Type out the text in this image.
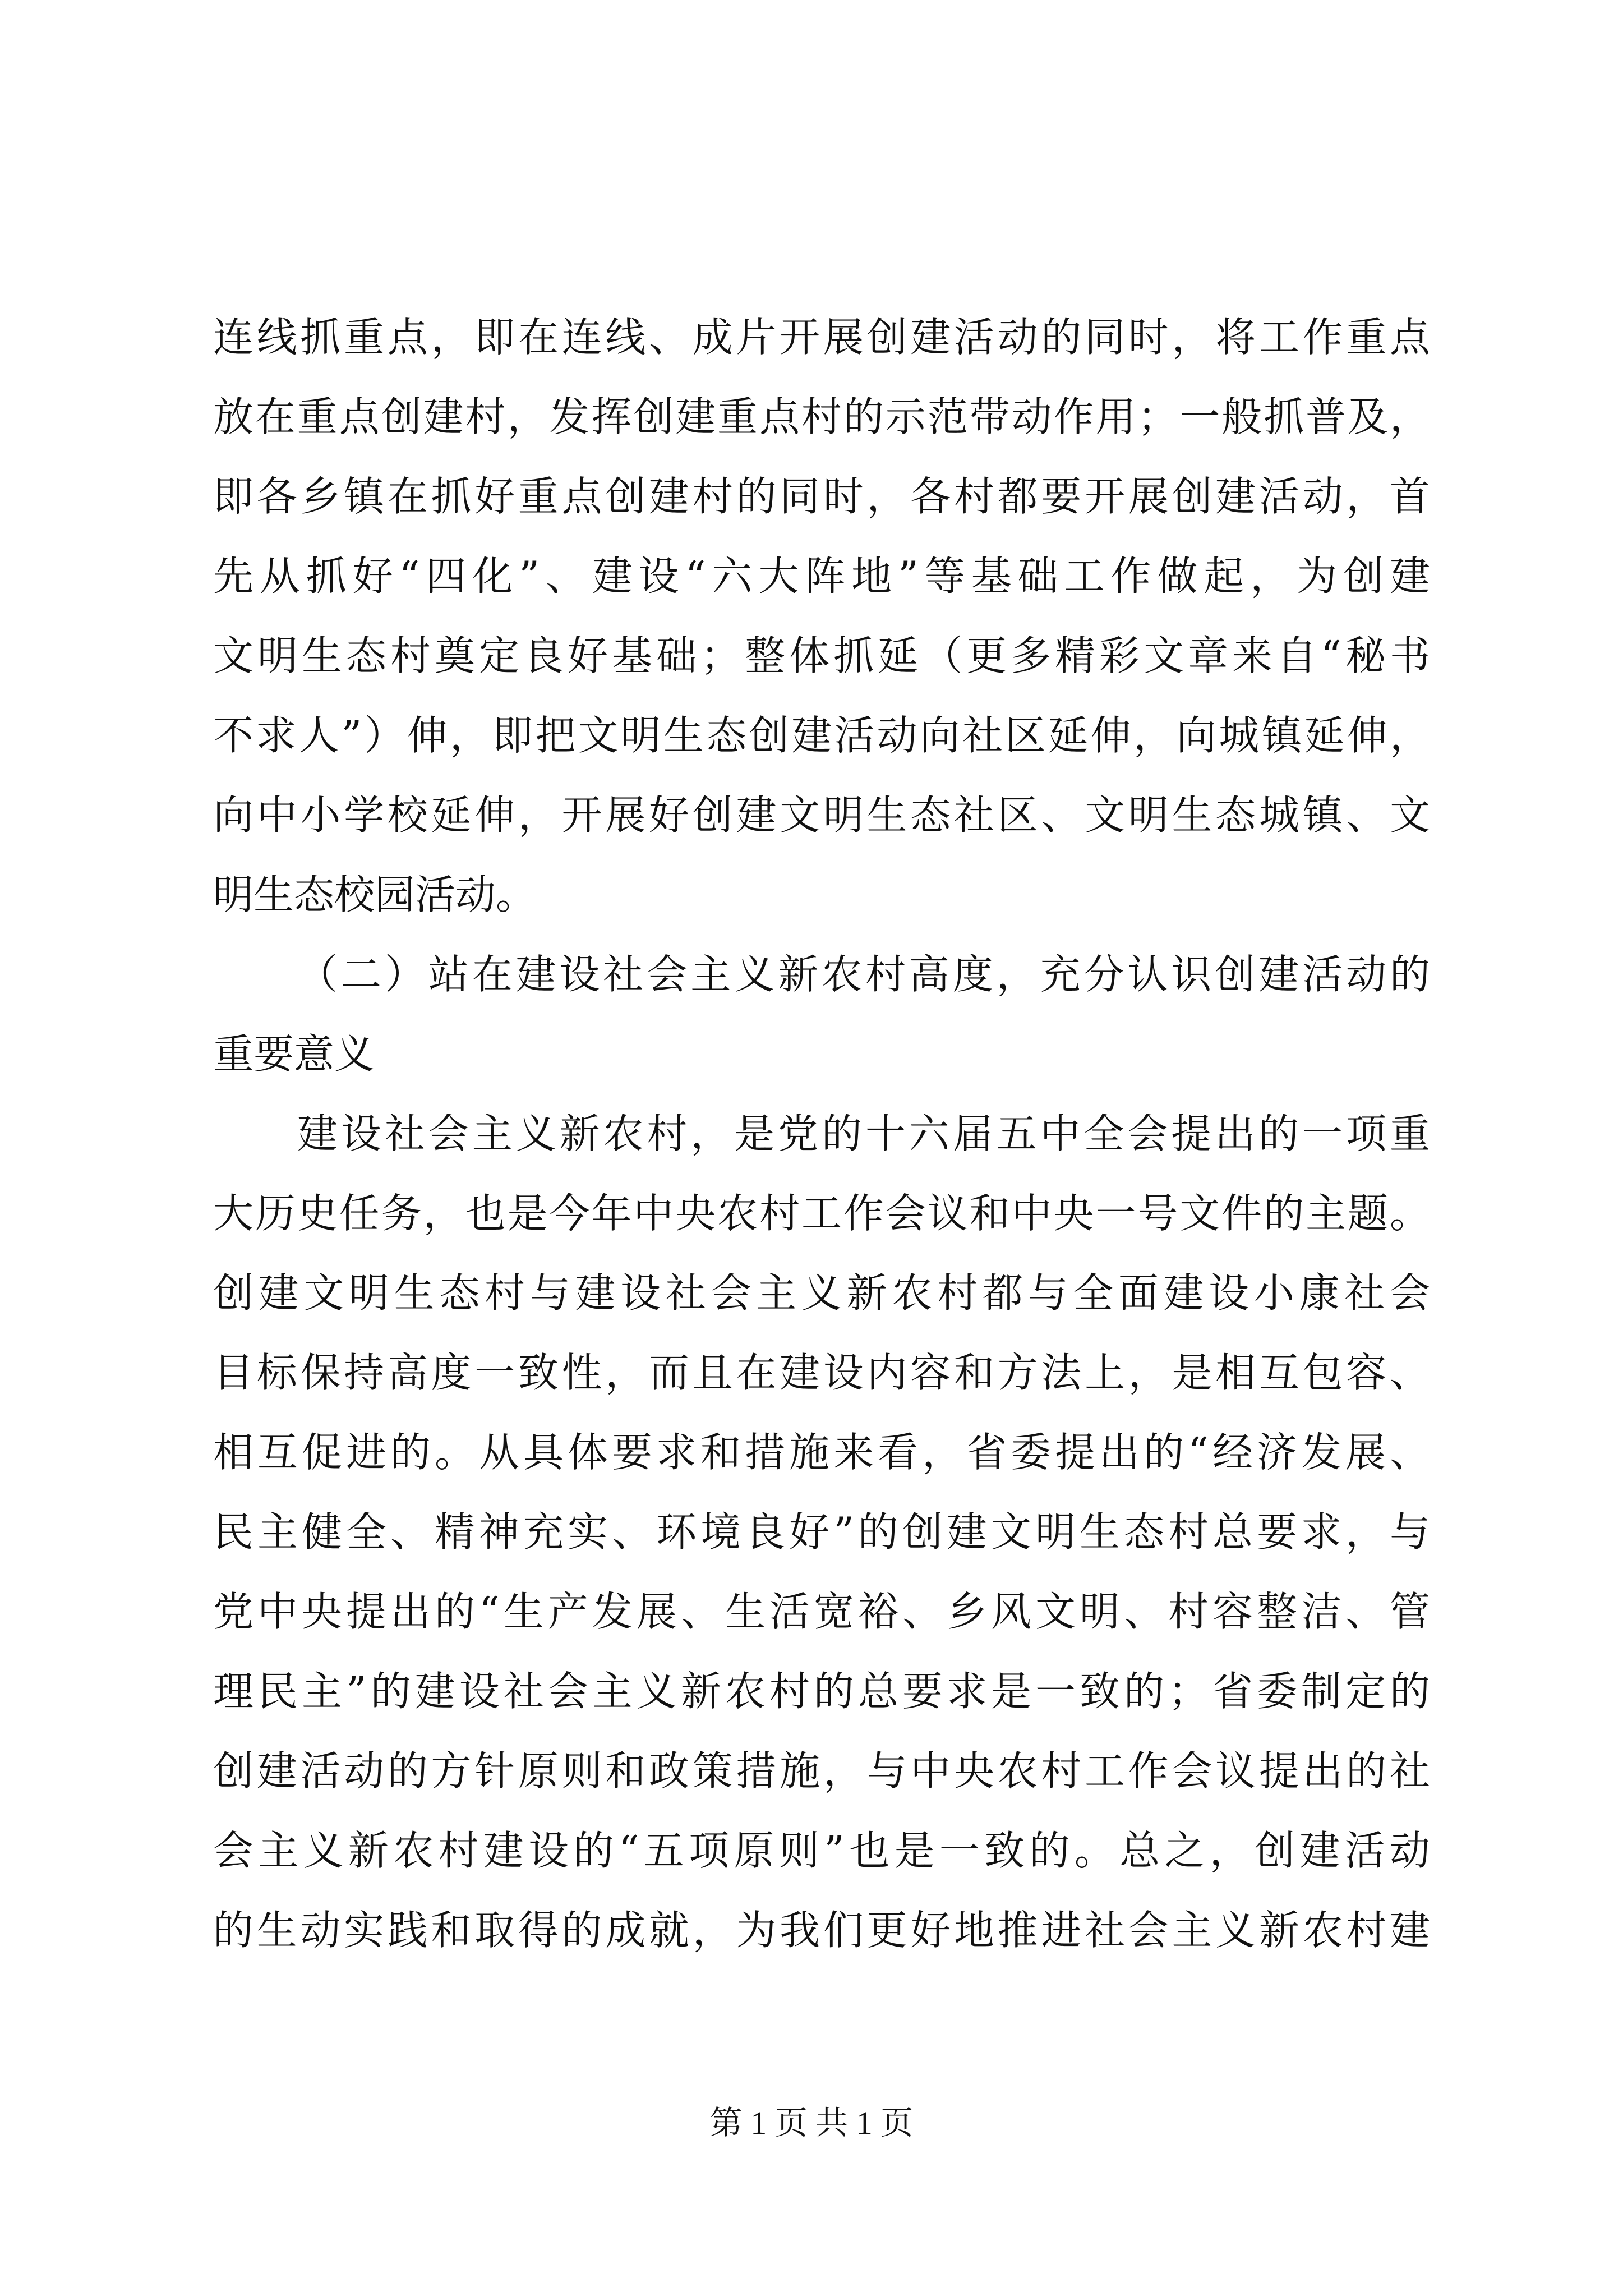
连线抓重点，即在连线、成片开展创建活动的同时，将工作重点

放在重点创建村，发挥创建重点村的示范带动作用；一般抓普及，

即各乡镇在抓好重点创建村的同时，各村都要开展创建活动，首

先从抓好“四化”、建设“六大阵地”等基础工作做起，为创建

文明生态村奠定良好基础；整体抓延（更多精彩文章来自“秘书

不求人”）伸，即把文明生态创建活动向社区延伸，向城镇延伸，

向中小学校延伸，开展好创建文明生态社区、文明生态城镇、文

明生态校园活动。

（二）站在建设社会主义新农村高度，充分认识创建活动的

重要意义

建设社会主义新农村，是党的十六届五中全会提出的一项重

大历史任务，也是今年中央农村工作会议和中央一号文件的主题。

创建文明生态村与建设社会主义新农村都与全面建设小康社会

目标保持高度一致性，而且在建设内容和方法上，是相互包容、

相互促进的。从具体要求和措施来看，省委提出的“经济发展、

民主健全、精神充实、环境良好”的创建文明生态村总要求，与

党中央提出的“生产发展、生活宽裕、乡风文明、村容整洁、管

理民主”的建设社会主义新农村的总要求是一致的；省委制定的

创建活动的方针原则和政策措施，与中央农村工作会议提出的社

会主义新农村建设的“五项原则”也是一致的。总之，创建活动

的生动实践和取得的成就，为我们更好地推进社会主义新农村建

第 1 页 共 1 页
